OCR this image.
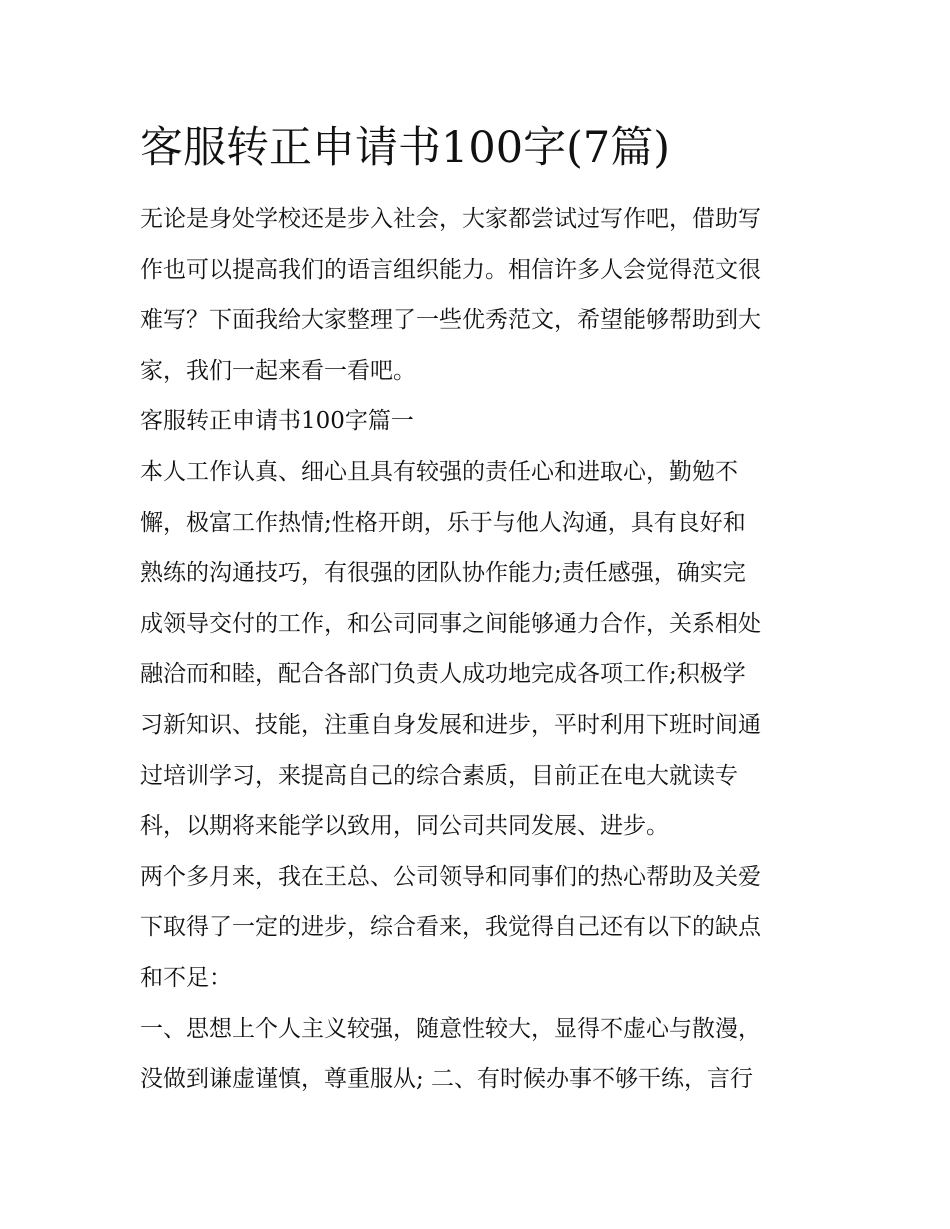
客服转正申请书100字(7篇)
无论是身处学校还是步入社会，大家都尝试过写作吧，借助写
作也可以提高我们的语言组织能力。相信许多人会觉得范文很
难写？下面我给大家整理了一些优秀范文，希望能够帮助到大
家，我们一起来看一看吧。
客服转正申请书100字篇一
本人工作认真、细心且具有较强的责任心和进取心，勤勉不
懈，极富工作热情;性格开朗，乐于与他人沟通，具有良好和
熟练的沟通技巧，有很强的团队协作能力;责任感强，确实完
成领导交付的工作，和公司同事之间能够通力合作，关系相处
融洽而和睦，配合各部门负责人成功地完成各项工作;积极学
习新知识、技能，注重自身发展和进步，平时利用下班时间通
过培训学习，来提高自己的综合素质，目前正在电大就读专
科，以期将来能学以致用，同公司共同发展、进步。
两个多月来，我在王总、公司领导和同事们的热心帮助及关爱
下取得了一定的进步，综合看来，我觉得自己还有以下的缺点
和不足：
一、思想上个人主义较强，随意性较大，显得不虚心与散漫，
没做到谦虚谨慎，尊重服从; 二、有时候办事不够干练，言行
